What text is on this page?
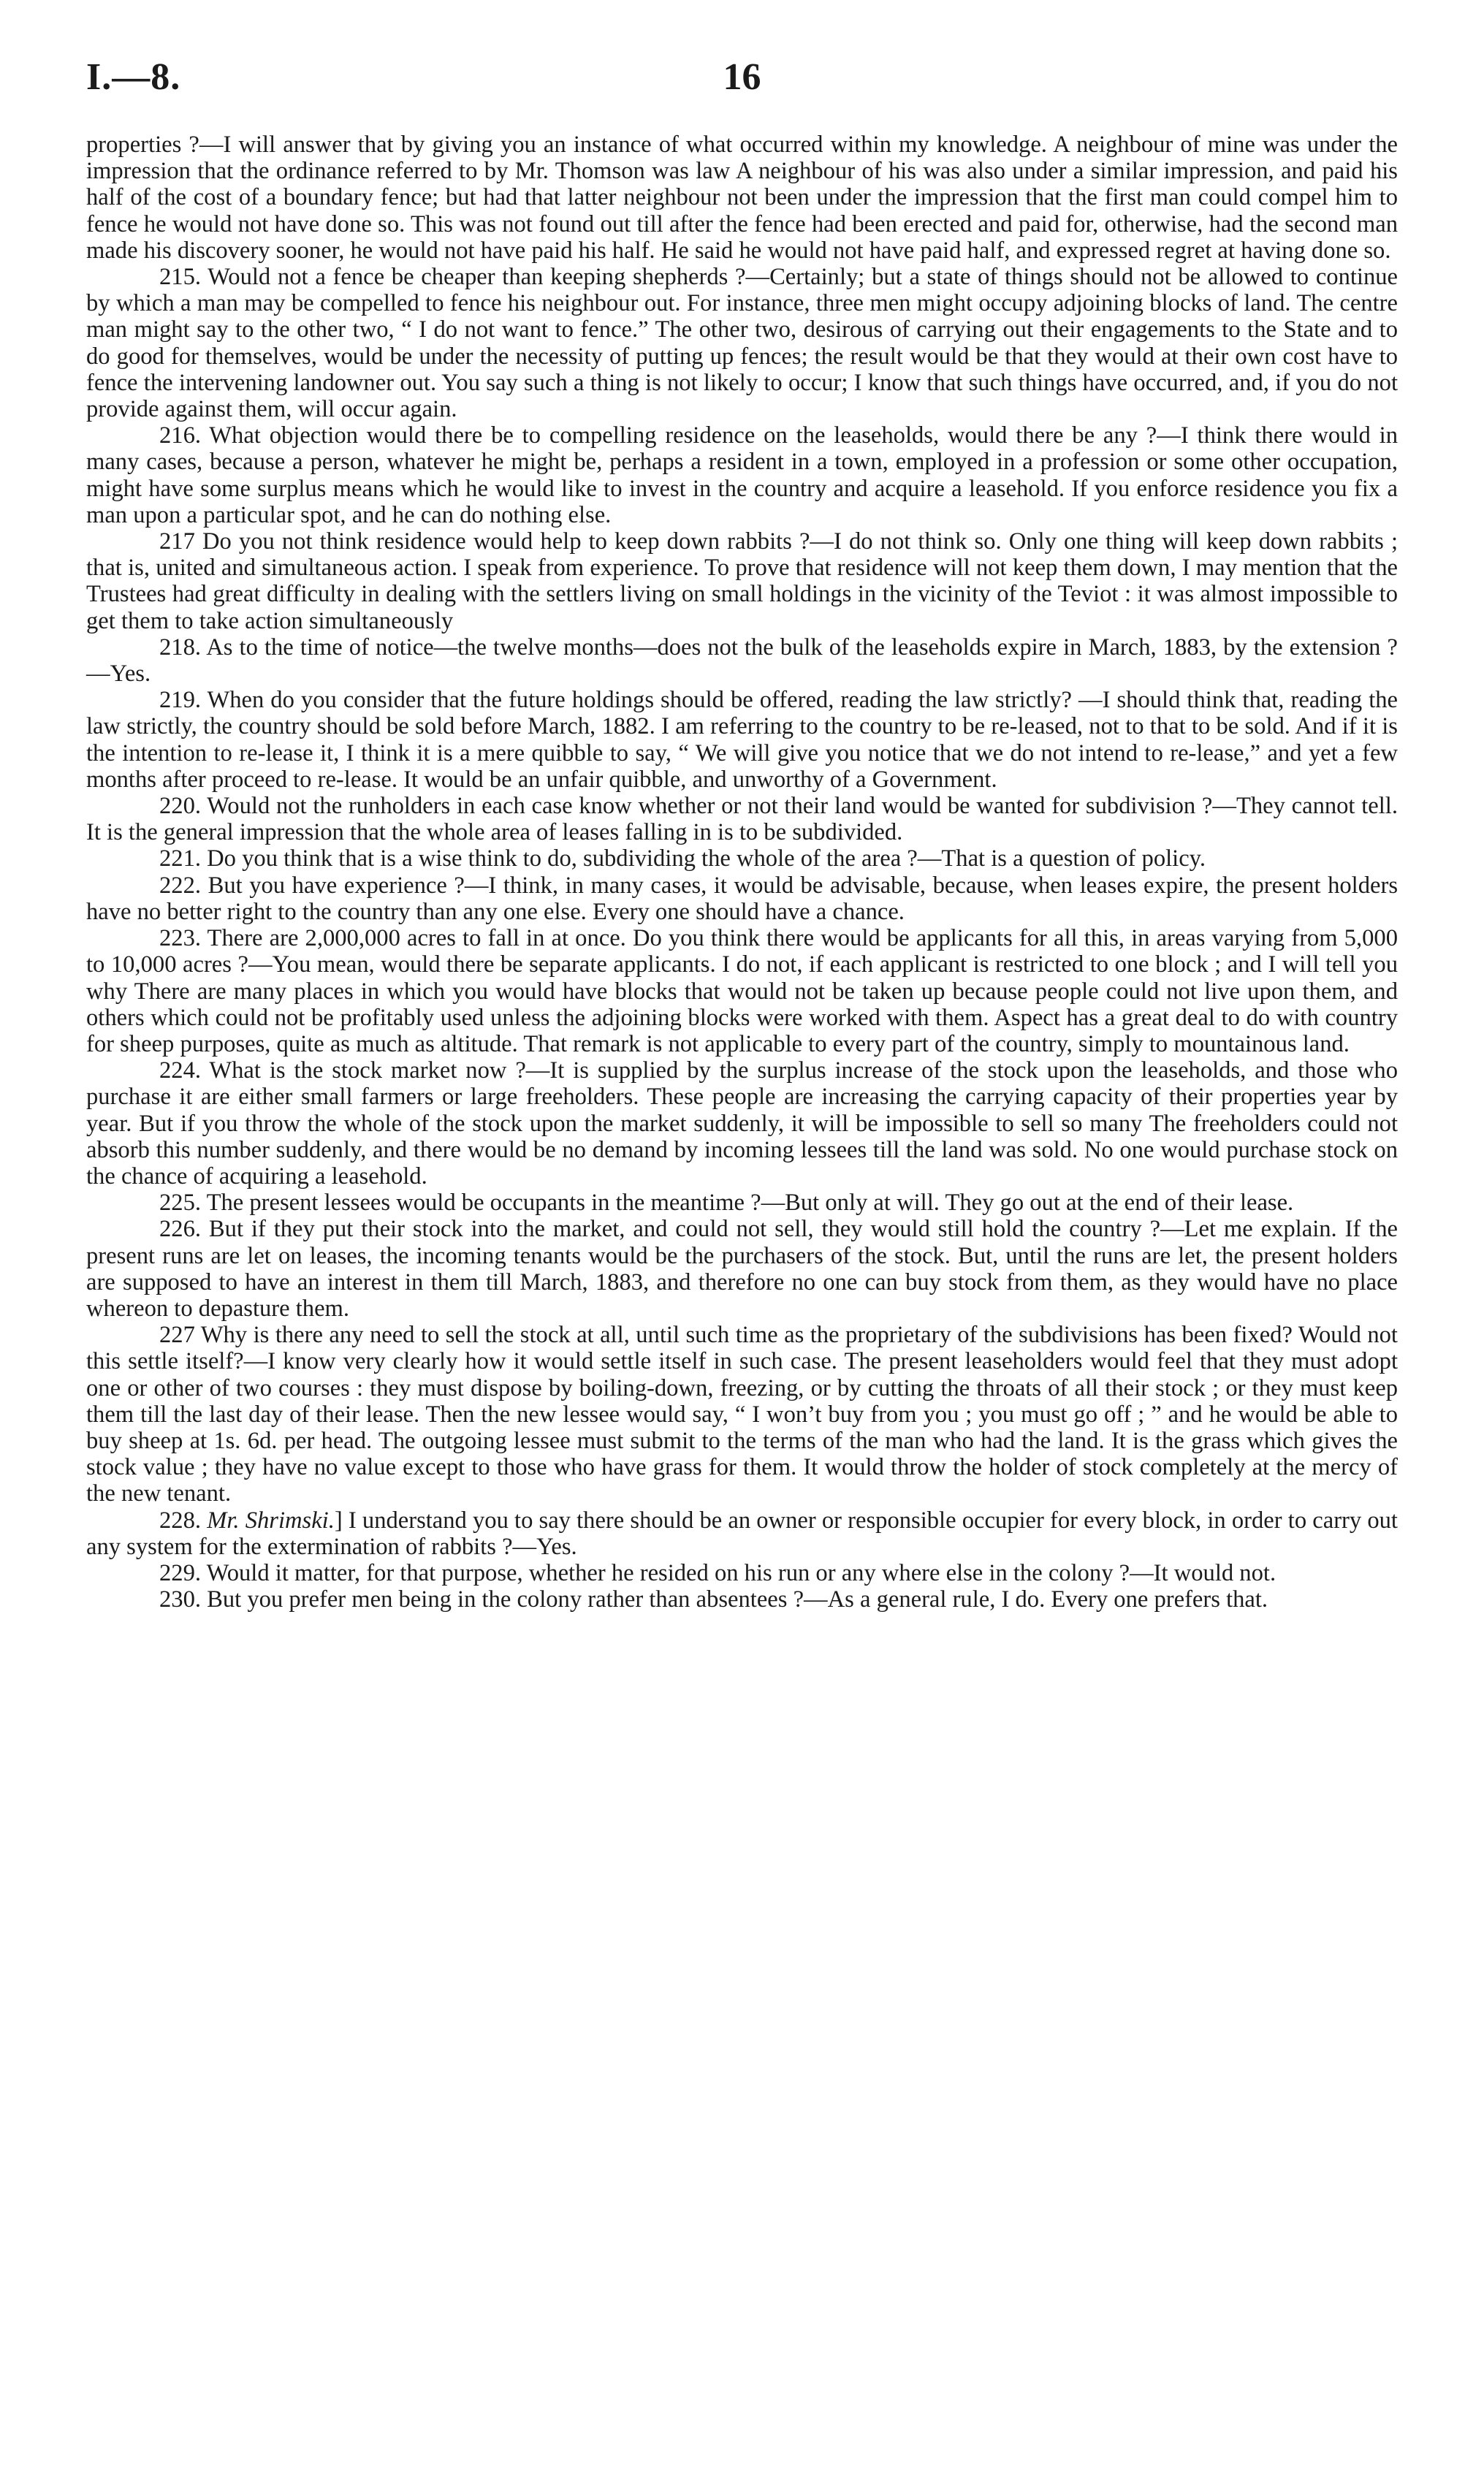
I.—8.	16

properties ?—I will answer that by giving you an instance of what occurred within my knowledge. A neighbour of mine was under the impression that the ordinance referred to by Mr. Thomson was law A neighbour of his was also under a similar impression, and paid his half of the cost of a boundary fence; but had that latter neighbour not been under the impression that the first man could compel him to fence he would not have done so. This was not found out till after the fence had been erected and paid for, otherwise, had the second man made his discovery sooner, he would not have paid his half. He said he would not have paid half, and expressed regret at having done so.

215. Would not a fence be cheaper than keeping shepherds ?—Certainly; but a state of things should not be allowed to continue by which a man may be compelled to fence his neighbour out. For instance, three men might occupy adjoining blocks of land. The centre man might say to the other two, “ I do not want to fence.” The other two, desirous of carrying out their engagements to the State and to do good for themselves, would be under the necessity of putting up fences; the result would be that they would at their own cost have to fence the intervening landowner out. You say such a thing is not likely to occur; I know that such things have occurred, and, if you do not provide against them, will occur again.

216. What objection would there be to compelling residence on the leaseholds, would there be any ?—I think there would in many cases, because a person, whatever he might be, perhaps a resident in a town, employed in a profession or some other occupation, might have some surplus means which he would like to invest in the country and acquire a leasehold. If you enforce residence you fix a man upon a particular spot, and he can do nothing else.

217 Do you not think residence would help to keep down rabbits ?—I do not think so. Only one thing will keep down rabbits ; that is, united and simultaneous action. I speak from experience. To prove that residence will not keep them down, I may mention that the Trustees had great difficulty in dealing with the settlers living on small holdings in the vicinity of the Teviot : it was almost impossible to get them to take action simultaneously

218. As to the time of notice—the twelve months—does not the bulk of the leaseholds expire in March, 1883, by the extension ?—Yes.

219. When do you consider that the future holdings should be offered, reading the law strictly? —I should think that, reading the law strictly, the country should be sold before March, 1882. I am referring to the country to be re-leased, not to that to be sold. And if it is the intention to re-lease it, I think it is a mere quibble to say, “ We will give you notice that we do not intend to re-lease,” and yet a few months after proceed to re-lease. It would be an unfair quibble, and unworthy of a Government.

220. Would not the runholders in each case know whether or not their land would be wanted for subdivision ?—They cannot tell. It is the general impression that the whole area of leases falling in is to be subdivided.

221. Do you think that is a wise think to do, subdividing the whole of the area ?—That is a question of policy.

222. But you have experience ?—I think, in many cases, it would be advisable, because, when leases expire, the present holders have no better right to the country than any one else. Every one should have a chance.

223. There are 2,000,000 acres to fall in at once. Do you think there would be applicants for all this, in areas varying from 5,000 to 10,000 acres ?—You mean, would there be separate applicants. I do not, if each applicant is restricted to one block ; and I will tell you why There are many places in which you would have blocks that would not be taken up because people could not live upon them, and others which could not be profitably used unless the adjoining blocks were worked with them. Aspect has a great deal to do with country for sheep purposes, quite as much as altitude. That remark is not applicable to every part of the country, simply to mountainous land.

224. What is the stock market now ?—It is supplied by the surplus increase of the stock upon the leaseholds, and those who purchase it are either small farmers or large freeholders. These people are increasing the carrying capacity of their properties year by year. But if you throw the whole of the stock upon the market suddenly, it will be impossible to sell so many The freeholders could not absorb this number suddenly, and there would be no demand by incoming lessees till the land was sold. No one would purchase stock on the chance of acquiring a leasehold.

225. The present lessees would be occupants in the meantime ?—But only at will. They go out at the end of their lease.

226. But if they put their stock into the market, and could not sell, they would still hold the country ?—Let me explain. If the present runs are let on leases, the incoming tenants would be the purchasers of the stock. But, until the runs are let, the present holders are supposed to have an interest in them till March, 1883, and therefore no one can buy stock from them, as they would have no place whereon to depasture them.

227 Why is there any need to sell the stock at all, until such time as the proprietary of the subdivisions has been fixed? Would not this settle itself?—I know very clearly how it would settle itself in such case. The present leaseholders would feel that they must adopt one or other of two courses : they must dispose by boiling-down, freezing, or by cutting the throats of all their stock ; or they must keep them till the last day of their lease. Then the new lessee would say, “ I won’t buy from you ; you must go off ; ” and he would be able to buy sheep at 1s. 6d. per head. The outgoing lessee must submit to the terms of the man who had the land. It is the grass which gives the stock value ; they have no value except to those who have grass for them. It would throw the holder of stock completely at the mercy of the new tenant.

228. Mr. Shrimski.] I understand you to say there should be an owner or responsible occupier for every block, in order to carry out any system for the extermination of rabbits ?—Yes.

229. Would it matter, for that purpose, whether he resided on his run or any where else in the colony ?—It would not.

230. But you prefer men being in the colony rather than absentees ?—As a general rule, I do. Every one prefers that.
